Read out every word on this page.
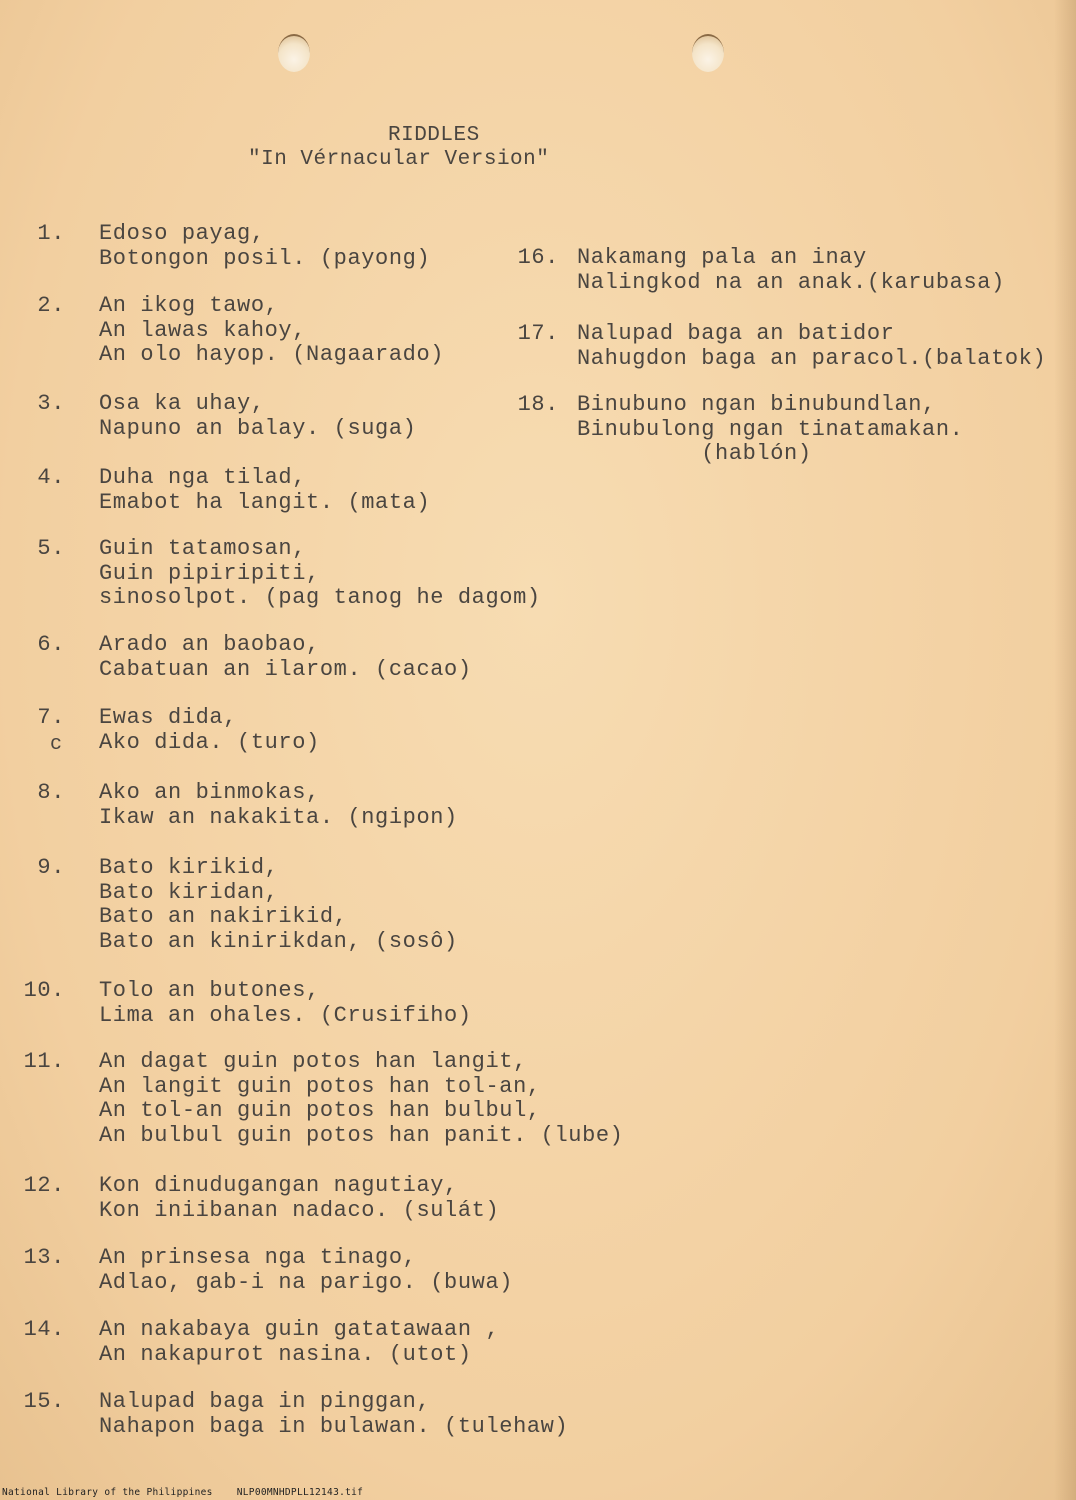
RIDDLES
"In Vérnacular Version"
1. Edoso payag,
Botongon posil. (payong)
2. An ikog tawo,
An lawas kahoy,
An olo hayop. (Nagaarado)
3. Osa ka uhay,
Napuno an balay. (suga)
4. Duha nga tilad,
Emabot ha langit. (mata)
5. Guin tatamosan,
Guin pipiripiti,
sinosolpot. (pag tanog he dagom)
6. Arado an baobao,
Cabatuan an ilarom. (cacao)
7. Ewas dida,
Ako dida. (turo)
8. Ako an binmokas,
Ikaw an nakakita. (ngipon)
9. Bato kirikid,
Bato kiridan,
Bato an nakirikid,
Bato an kinirikdan, (sosô)
10. Tolo an butones,
Lima an ohales. (Crusifiho)
11. An dagat guin potos han langit,
An langit guin potos han tol-an,
An tol-an guin potos han bulbul,
An bulbul guin potos han panit. (lube)
12. Kon dinudugangan nagutiay,
Kon iniibanan nadaco. (sulát)
13. An prinsesa nga tinago,
Adlao, gab-i na parigo. (buwa)
14. An nakabaya guin gatatawaan ,
An nakapurot nasina. (utot)
15. Nalupad baga in pinggan,
Nahapon baga in bulawan. (tulehaw)
16. Nakamang pala an inay
Nalingkod na an anak.(karubasa)
17. Nalupad baga an batidor
Nahugdon baga an paracol.(balatok)
18. Binubuno ngan binubundlan,
Binubulong ngan tinatamakan.
(hablón)
c
National Library of the Philippines    NLP00MNHDPLL12143.tif
